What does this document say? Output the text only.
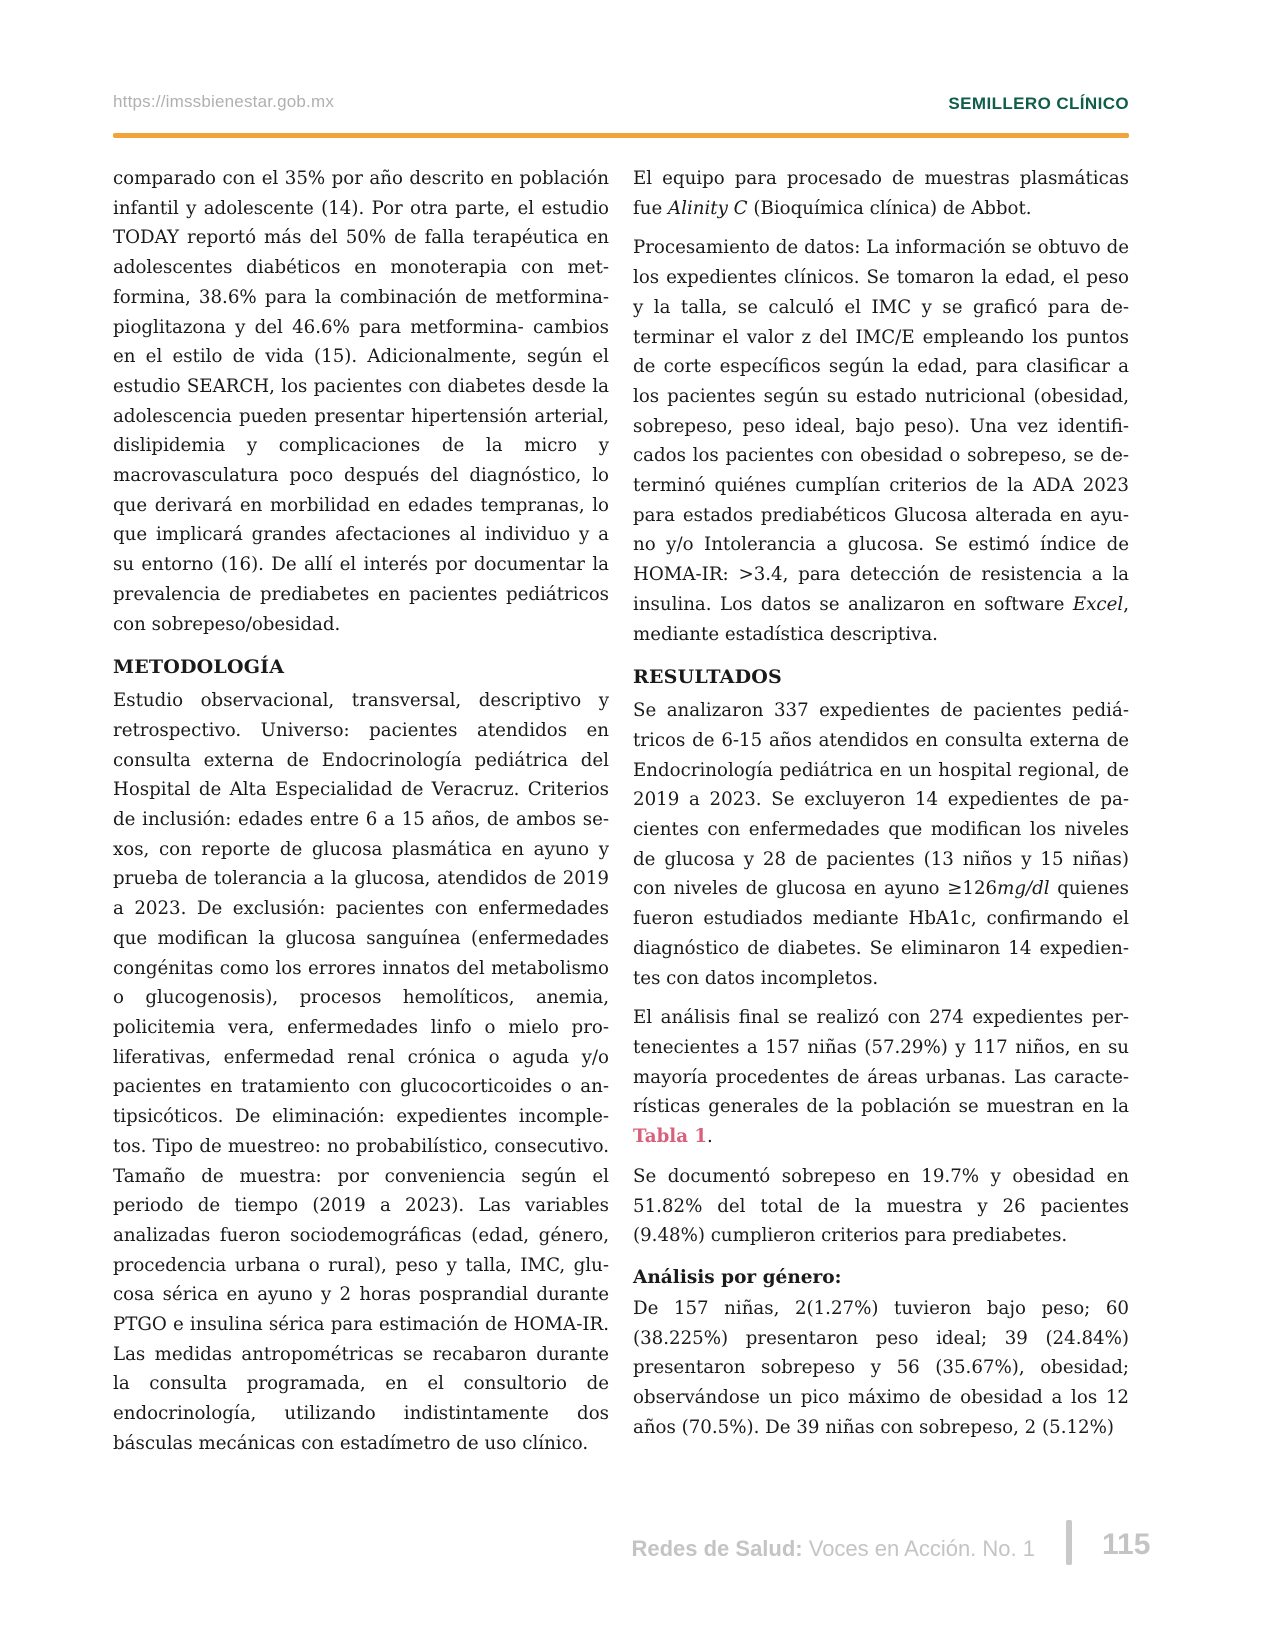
https://imssbienestar.gob.mx	SEMILLERO CLÍNICO

comparado con el 35% por año descrito en población infantil y adolescente (14). Por otra parte, el estudio TODAY reportó más del 50% de falla terapéutica en adolescentes diabéticos en monoterapia con metformina, 38.6% para la combinación de metformina-pioglitazona y del 46.6% para metformina- cambios en el estilo de vida (15). Adicionalmente, según el estudio SEARCH, los pacientes con diabetes desde la adolescencia pueden presentar hipertensión arterial, dislipidemia y complicaciones de la micro y macrovasculatura poco después del diagnóstico, lo que derivará en morbilidad en edades tempranas, lo que implicará grandes afectaciones al individuo y a su entorno (16). De allí el interés por documentar la prevalencia de prediabetes en pacientes pediátricos con sobrepeso/obesidad.

METODOLOGÍA

Estudio observacional, transversal, descriptivo y retrospectivo. Universo: pacientes atendidos en consulta externa de Endocrinología pediátrica del Hospital de Alta Especialidad de Veracruz. Criterios de inclusión: edades entre 6 a 15 años, de ambos sexos, con reporte de glucosa plasmática en ayuno y prueba de tolerancia a la glucosa, atendidos de 2019 a 2023. De exclusión: pacientes con enfermedades que modifican la glucosa sanguínea (enfermedades congénitas como los errores innatos del metabolismo o glucogenosis), procesos hemolíticos, anemia, policitemia vera, enfermedades linfo o mielo proliferativas, enfermedad renal crónica o aguda y/o pacientes en tratamiento con glucocorticoides o antipsicóticos. De eliminación: expedientes incompletos. Tipo de muestreo: no probabilístico, consecutivo. Tamaño de muestra: por conveniencia según el periodo de tiempo (2019 a 2023). Las variables analizadas fueron sociodemográficas (edad, género, procedencia urbana o rural), peso y talla, IMC, glucosa sérica en ayuno y 2 horas posprandial durante PTGO e insulina sérica para estimación de HOMA-IR. Las medidas antropométricas se recabaron durante la consulta programada, en el consultorio de endocrinología, utilizando indistintamente dos básculas mecánicas con estadímetro de uso clínico.

El equipo para procesado de muestras plasmáticas fue Alinity C (Bioquímica clínica) de Abbot.

Procesamiento de datos: La información se obtuvo de los expedientes clínicos. Se tomaron la edad, el peso y la talla, se calculó el IMC y se graficó para determinar el valor z del IMC/E empleando los puntos de corte específicos según la edad, para clasificar a los pacientes según su estado nutricional (obesidad, sobrepeso, peso ideal, bajo peso). Una vez identificados los pacientes con obesidad o sobrepeso, se determinó quiénes cumplían criterios de la ADA 2023 para estados prediabéticos Glucosa alterada en ayuno y/o Intolerancia a glucosa. Se estimó índice de HOMA-IR: >3.4, para detección de resistencia a la insulina. Los datos se analizaron en software Excel, mediante estadística descriptiva.

RESULTADOS

Se analizaron 337 expedientes de pacientes pediátricos de 6-15 años atendidos en consulta externa de Endocrinología pediátrica en un hospital regional, de 2019 a 2023. Se excluyeron 14 expedientes de pacientes con enfermedades que modifican los niveles de glucosa y 28 de pacientes (13 niños y 15 niñas) con niveles de glucosa en ayuno ≥126mg/dl quienes fueron estudiados mediante HbA1c, confirmando el diagnóstico de diabetes. Se eliminaron 14 expedientes con datos incompletos.

El análisis final se realizó con 274 expedientes pertenecientes a 157 niñas (57.29%) y 117 niños, en su mayoría procedentes de áreas urbanas. Las características generales de la población se muestran en la Tabla 1.

Se documentó sobrepeso en 19.7% y obesidad en 51.82% del total de la muestra y 26 pacientes (9.48%) cumplieron criterios para prediabetes.

Análisis por género:

De 157 niñas, 2(1.27%) tuvieron bajo peso; 60 (38.225%) presentaron peso ideal; 39 (24.84%) presentaron sobrepeso y 56 (35.67%), obesidad; observándose un pico máximo de obesidad a los 12 años (70.5%). De 39 niñas con sobrepeso, 2 (5.12%)

Redes de Salud: Voces en Acción. No. 1 115
